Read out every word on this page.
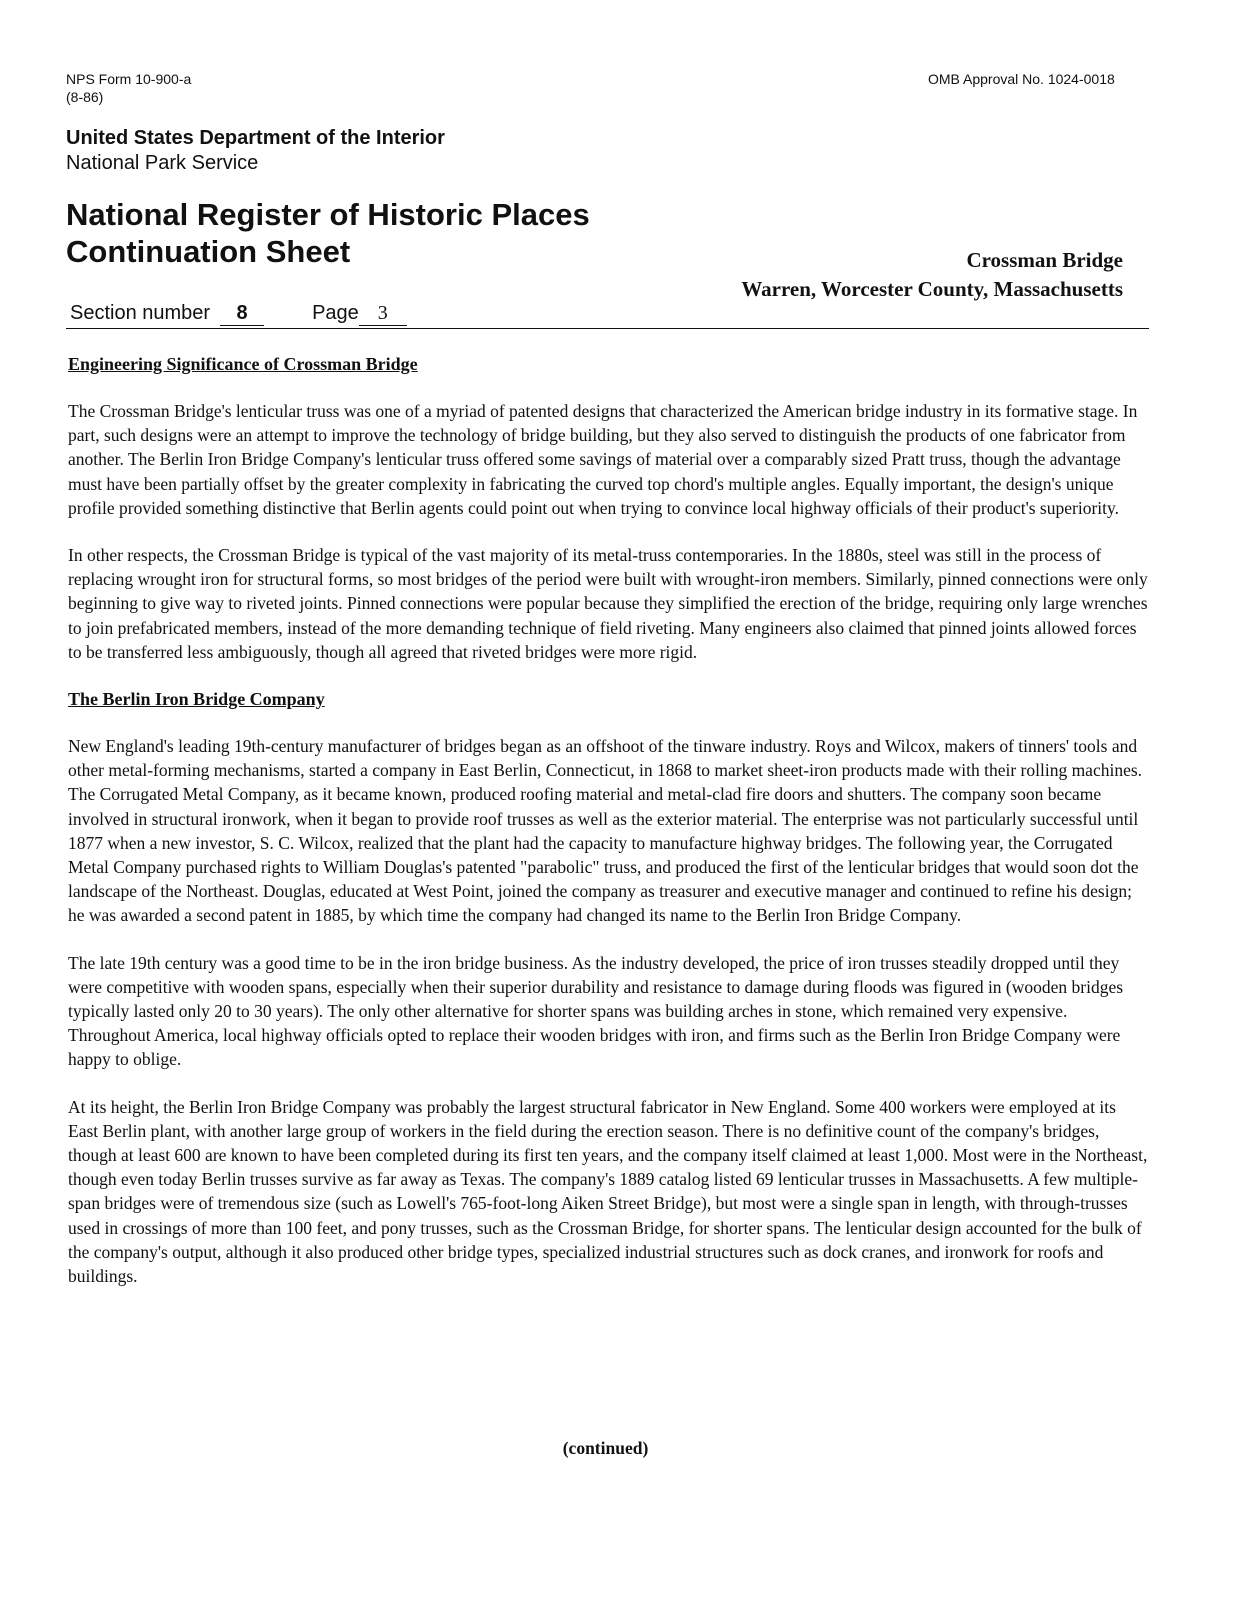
NPS Form 10-900-a
(8-86)
OMB Approval No. 1024-0018
United States Department of the Interior
National Park Service
National Register of Historic Places
Continuation Sheet	Crossman Bridge
Warren, Worcester County, Massachusetts
Section number 8	Page 3
Engineering Significance of Crossman Bridge

The Crossman Bridge's lenticular truss was one of a myriad of patented designs that characterized the American bridge industry in its formative stage. In part, such designs were an attempt to improve the technology of bridge building, but they also served to distinguish the products of one fabricator from another. The Berlin Iron Bridge Company's lenticular truss offered some savings of material over a comparably sized Pratt truss, though the advantage must have been partially offset by the greater complexity in fabricating the curved top chord's multiple angles. Equally important, the design's unique profile provided something distinctive that Berlin agents could point out when trying to convince local highway officials of their product's superiority.

In other respects, the Crossman Bridge is typical of the vast majority of its metal-truss contemporaries. In the 1880s, steel was still in the process of replacing wrought iron for structural forms, so most bridges of the period were built with wrought-iron members. Similarly, pinned connections were only beginning to give way to riveted joints. Pinned connections were popular because they simplified the erection of the bridge, requiring only large wrenches to join prefabricated members, instead of the more demanding technique of field riveting. Many engineers also claimed that pinned joints allowed forces to be transferred less ambiguously, though all agreed that riveted bridges were more rigid.

The Berlin Iron Bridge Company

New England's leading 19th-century manufacturer of bridges began as an offshoot of the tinware industry. Roys and Wilcox, makers of tinners' tools and other metal-forming mechanisms, started a company in East Berlin, Connecticut, in 1868 to market sheet-iron products made with their rolling machines. The Corrugated Metal Company, as it became known, produced roofing material and metal-clad fire doors and shutters. The company soon became involved in structural ironwork, when it began to provide roof trusses as well as the exterior material. The enterprise was not particularly successful until 1877 when a new investor, S. C. Wilcox, realized that the plant had the capacity to manufacture highway bridges. The following year, the Corrugated Metal Company purchased rights to William Douglas's patented "parabolic" truss, and produced the first of the lenticular bridges that would soon dot the landscape of the Northeast. Douglas, educated at West Point, joined the company as treasurer and executive manager and continued to refine his design; he was awarded a second patent in 1885, by which time the company had changed its name to the Berlin Iron Bridge Company.

The late 19th century was a good time to be in the iron bridge business. As the industry developed, the price of iron trusses steadily dropped until they were competitive with wooden spans, especially when their superior durability and resistance to damage during floods was figured in (wooden bridges typically lasted only 20 to 30 years). The only other alternative for shorter spans was building arches in stone, which remained very expensive. Throughout America, local highway officials opted to replace their wooden bridges with iron, and firms such as the Berlin Iron Bridge Company were happy to oblige.

At its height, the Berlin Iron Bridge Company was probably the largest structural fabricator in New England. Some 400 workers were employed at its East Berlin plant, with another large group of workers in the field during the erection season. There is no definitive count of the company's bridges, though at least 600 are known to have been completed during its first ten years, and the company itself claimed at least 1,000. Most were in the Northeast, though even today Berlin trusses survive as far away as Texas. The company's 1889 catalog listed 69 lenticular trusses in Massachusetts. A few multiple-span bridges were of tremendous size (such as Lowell's 765-foot-long Aiken Street Bridge), but most were a single span in length, with through-trusses used in crossings of more than 100 feet, and pony trusses, such as the Crossman Bridge, for shorter spans. The lenticular design accounted for the bulk of the company's output, although it also produced other bridge types, specialized industrial structures such as dock cranes, and ironwork for roofs and buildings.

(continued)
